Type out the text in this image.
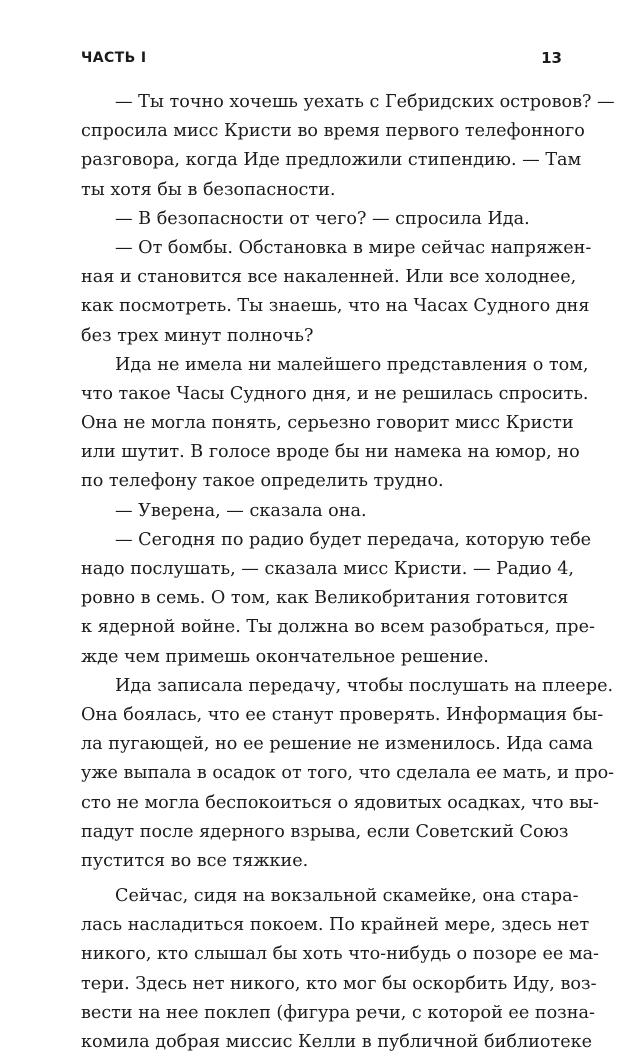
ЧАСТЬ I	13
— Ты точно хочешь уехать с Гебридских островов? —
спросила мисс Кристи во время первого телефонного
разговора, когда Иде предложили стипендию. — Там
ты хотя бы в безопасности.
— В безопасности от чего? — спросила Ида.
— От бомбы. Обстановка в мире сейчас напряжен-
ная и становится все накаленней. Или все холоднее,
как посмотреть. Ты знаешь, что на Часах Судного дня
без трех минут полночь?
Ида не имела ни малейшего представления о том,
что такое Часы Судного дня, и не решилась спросить.
Она не могла понять, серьезно говорит мисс Кристи
или шутит. В голосе вроде бы ни намека на юмор, но
по телефону такое определить трудно.
— Уверена, — сказала она.
— Сегодня по радио будет передача, которую тебе
надо послушать, — сказала мисс Кристи. — Радио 4,
ровно в семь. О том, как Великобритания готовится
к ядерной войне. Ты должна во всем разобраться, пре-
жде чем примешь окончательное решение.
Ида записала передачу, чтобы послушать на плеере.
Она боялась, что ее станут проверять. Информация бы-
ла пугающей, но ее решение не изменилось. Ида сама
уже выпала в осадок от того, что сделала ее мать, и про-
сто не могла беспокоиться о ядовитых осадках, что вы-
падут после ядерного взрыва, если Советский Союз
пустится во все тяжкие.
Сейчас, сидя на вокзальной скамейке, она стара-
лась насладиться покоем. По крайней мере, здесь нет
никого, кто слышал бы хоть что-нибудь о позоре ее ма-
тери. Здесь нет никого, кто мог бы оскорбить Иду, воз-
вести на нее поклеп (фигура речи, с которой ее позна-
комила добрая миссис Келли в публичной библиотеке
